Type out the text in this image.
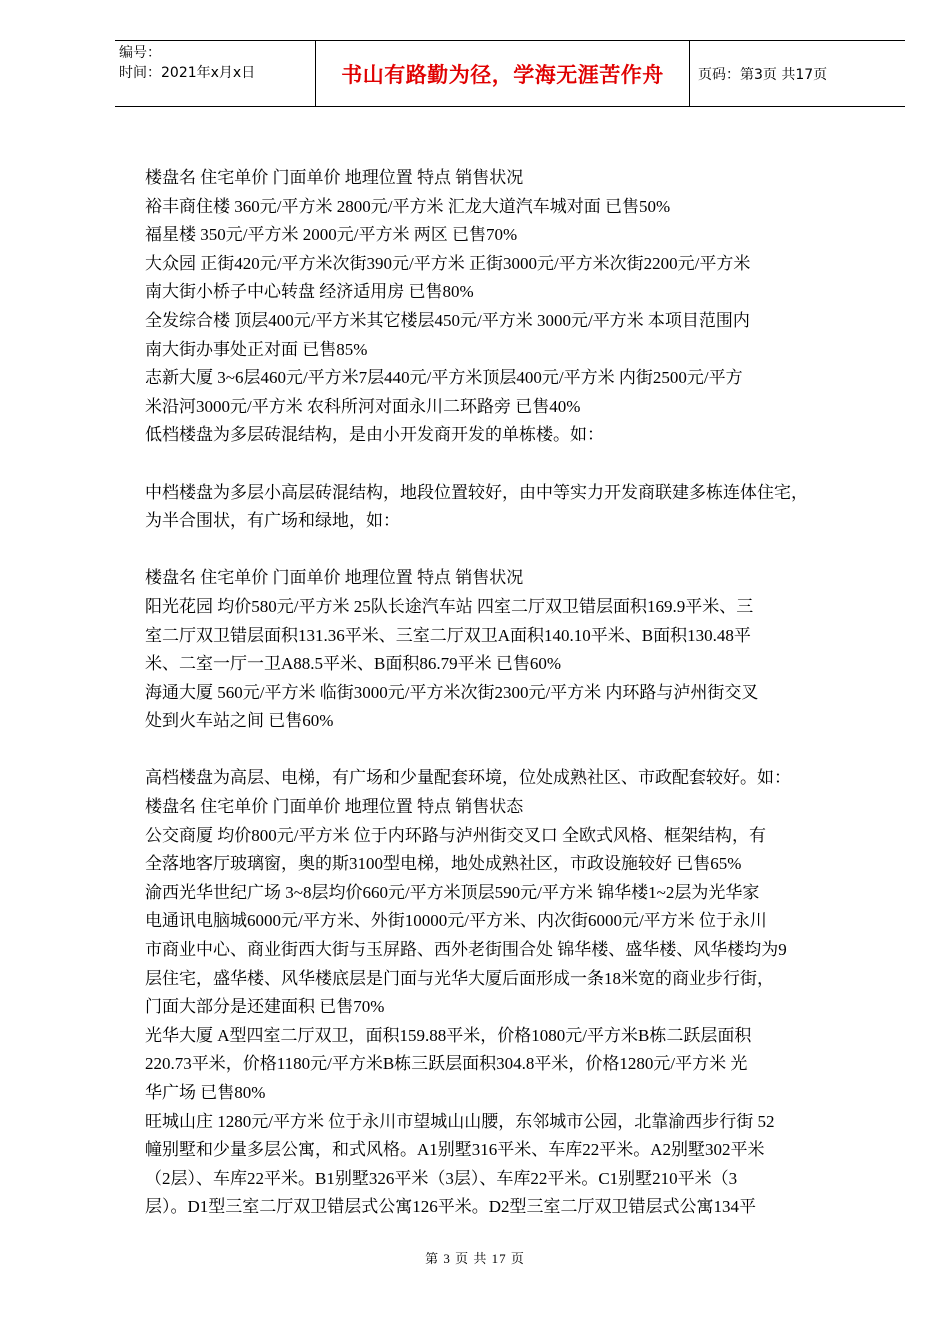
编号：
时间：2021年x月x日	书山有路勤为径，学海无涯苦作舟	页码：第3页 共17页
楼盘名 住宅单价 门面单价 地理位置 特点 销售状况
裕丰商住楼 360元/平方米 2800元/平方米 汇龙大道汽车城对面 已售50%
福星楼 350元/平方米 2000元/平方米 两区 已售70%
大众园 正街420元/平方米次街390元/平方米 正街3000元/平方米次街2200元/平方米
南大街小桥子中心转盘 经济适用房 已售80%
全发综合楼 顶层400元/平方米其它楼层450元/平方米 3000元/平方米 本项目范围内
南大街办事处正对面 已售85%
志新大厦 3~6层460元/平方米7层440元/平方米顶层400元/平方米 内街2500元/平方
米沿河3000元/平方米 农科所河对面永川二环路旁 已售40%
低档楼盘为多层砖混结构，是由小开发商开发的单栋楼。如：
中档楼盘为多层小高层砖混结构，地段位置较好，由中等实力开发商联建多栋连体住宅，
为半合围状，有广场和绿地，如：
楼盘名 住宅单价 门面单价 地理位置 特点 销售状况
阳光花园 均价580元/平方米 25队长途汽车站 四室二厅双卫错层面积169.9平米、三
室二厅双卫错层面积131.36平米、三室二厅双卫A面积140.10平米、B面积130.48平
米、二室一厅一卫A88.5平米、B面积86.79平米 已售60%
海通大厦 560元/平方米 临街3000元/平方米次街2300元/平方米 内环路与泸州街交叉
处到火车站之间 已售60%
高档楼盘为高层、电梯，有广场和少量配套环境，位处成熟社区、市政配套较好。如：
楼盘名 住宅单价 门面单价 地理位置 特点 销售状态
公交商厦 均价800元/平方米 位于内环路与泸州街交叉口 全欧式风格、框架结构，有
全落地客厅玻璃窗，奥的斯3100型电梯，地处成熟社区，市政设施较好 已售65%
渝西光华世纪广场 3~8层均价660元/平方米顶层590元/平方米 锦华楼1~2层为光华家
电通讯电脑城6000元/平方米、外街10000元/平方米、内次街6000元/平方米 位于永川
市商业中心、商业街西大街与玉屏路、西外老街围合处 锦华楼、盛华楼、风华楼均为9
层住宅，盛华楼、风华楼底层是门面与光华大厦后面形成一条18米宽的商业步行街，
门面大部分是还建面积 已售70%
光华大厦 A型四室二厅双卫，面积159.88平米，价格1080元/平方米B栋二跃层面积
220.73平米，价格1180元/平方米B栋三跃层面积304.8平米，价格1280元/平方米 光
华广场 已售80%
旺城山庄 1280元/平方米 位于永川市望城山山腰，东邻城市公园，北靠渝西步行街 52
幢别墅和少量多层公寓，和式风格。A1别墅316平米、车库22平米。A2别墅302平米
（2层）、车库22平米。B1别墅326平米（3层）、车库22平米。C1别墅210平米（3
层）。D1型三室二厅双卫错层式公寓126平米。D2型三室二厅双卫错层式公寓134平
第 3 页 共 17 页
